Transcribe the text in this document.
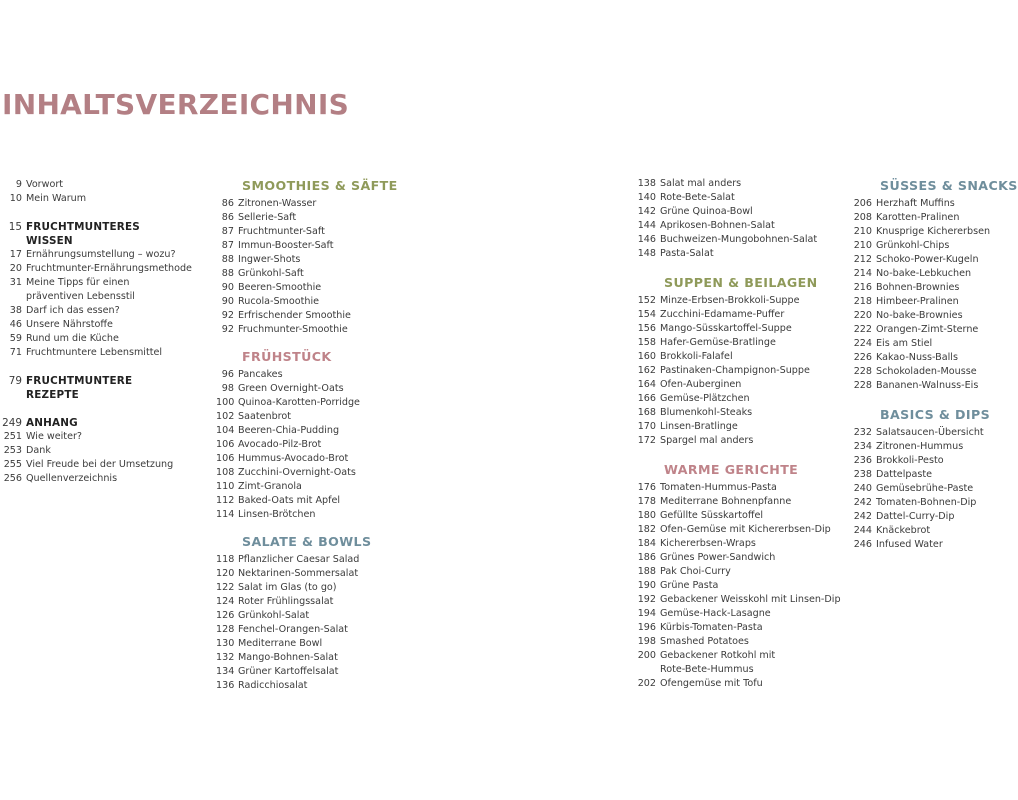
INHALTSVERZEICHNIS
9 Vorwort
10 Mein Warum
15 FRUCHTMUNTERES
WISSEN
17 Ernährungsumstellung – wozu?
20 Fruchtmunter-Ernährungsmethode
31 Meine Tipps für einen
präventiven Lebensstil
38 Darf ich das essen?
46 Unsere Nährstoffe
59 Rund um die Küche
71 Fruchtmuntere Lebensmittel
79 FRUCHTMUNTERE
REZEPTE
249 ANHANG
251 Wie weiter?
253 Dank
255 Viel Freude bei der Umsetzung
256 Quellenverzeichnis
SMOOTHIES & SÄFTE
86 Zitronen-Wasser
86 Sellerie-Saft
87 Fruchtmunter-Saft
87 Immun-Booster-Saft
88 Ingwer-Shots
88 Grünkohl-Saft
90 Beeren-Smoothie
90 Rucola-Smoothie
92 Erfrischender Smoothie
92 Fruchmunter-Smoothie
FRÜHSTÜCK
96 Pancakes
98 Green Overnight-Oats
100 Quinoa-Karotten-Porridge
102 Saatenbrot
104 Beeren-Chia-Pudding
106 Avocado-Pilz-Brot
106 Hummus-Avocado-Brot
108 Zucchini-Overnight-Oats
110 Zimt-Granola
112 Baked-Oats mit Apfel
114 Linsen-Brötchen
SALATE & BOWLS
118 Pflanzlicher Caesar Salad
120 Nektarinen-Sommersalat
122 Salat im Glas (to go)
124 Roter Frühlingssalat
126 Grünkohl-Salat
128 Fenchel-Orangen-Salat
130 Mediterrane Bowl
132 Mango-Bohnen-Salat
134 Grüner Kartoffelsalat
136 Radicchiosalat
138 Salat mal anders
140 Rote-Bete-Salat
142 Grüne Quinoa-Bowl
144 Aprikosen-Bohnen-Salat
146 Buchweizen-Mungobohnen-Salat
148 Pasta-Salat
SUPPEN & BEILAGEN
152 Minze-Erbsen-Brokkoli-Suppe
154 Zucchini-Edamame-Puffer
156 Mango-Süsskartoffel-Suppe
158 Hafer-Gemüse-Bratlinge
160 Brokkoli-Falafel
162 Pastinaken-Champignon-Suppe
164 Ofen-Auberginen
166 Gemüse-Plätzchen
168 Blumenkohl-Steaks
170 Linsen-Bratlinge
172 Spargel mal anders
WARME GERICHTE
176 Tomaten-Hummus-Pasta
178 Mediterrane Bohnenpfanne
180 Gefüllte Süsskartoffel
182 Ofen-Gemüse mit Kichererbsen-Dip
184 Kichererbsen-Wraps
186 Grünes Power-Sandwich
188 Pak Choi-Curry
190 Grüne Pasta
192 Gebackener Weisskohl mit Linsen-Dip
194 Gemüse-Hack-Lasagne
196 Kürbis-Tomaten-Pasta
198 Smashed Potatoes
200 Gebackener Rotkohl mit
Rote-Bete-Hummus
202 Ofengemüse mit Tofu
SÜSSES & SNACKS
206 Herzhaft Muffins
208 Karotten-Pralinen
210 Knusprige Kichererbsen
210 Grünkohl-Chips
212 Schoko-Power-Kugeln
214 No-bake-Lebkuchen
216 Bohnen-Brownies
218 Himbeer-Pralinen
220 No-bake-Brownies
222 Orangen-Zimt-Sterne
224 Eis am Stiel
226 Kakao-Nuss-Balls
228 Schokoladen-Mousse
228 Bananen-Walnuss-Eis
BASICS & DIPS
232 Salatsaucen-Übersicht
234 Zitronen-Hummus
236 Brokkoli-Pesto
238 Dattelpaste
240 Gemüsebrühe-Paste
242 Tomaten-Bohnen-Dip
242 Dattel-Curry-Dip
244 Knäckebrot
246 Infused Water
